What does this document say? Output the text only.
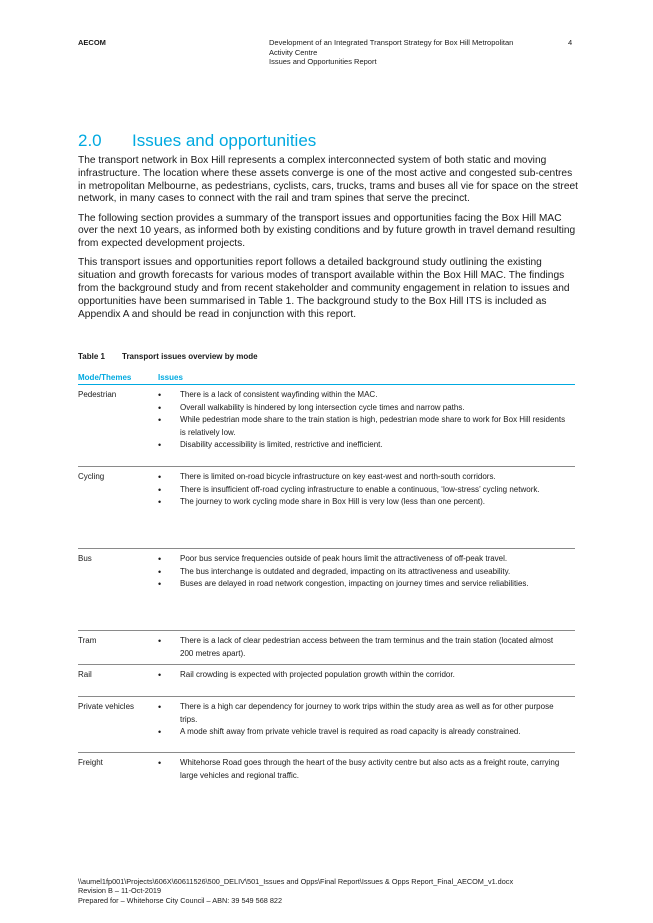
AECOM	Development of an Integrated Transport Strategy for Box Hill Metropolitan
Activity Centre
Issues and Opportunities Report
4
2.0 Issues and opportunities

The transport network in Box Hill represents a complex interconnected system of both static and moving infrastructure. The location where these assets converge is one of the most active and congested sub-centres in metropolitan Melbourne, as pedestrians, cyclists, cars, trucks, trams and buses all vie for space on the street network, in many cases to connect with the rail and tram spines that serve the precinct.

The following section provides a summary of the transport issues and opportunities facing the Box Hill MAC over the next 10 years, as informed both by existing conditions and by future growth in travel demand resulting from expected development projects.

This transport issues and opportunities report follows a detailed background study outlining the existing situation and growth forecasts for various modes of transport available within the Box Hill MAC. The findings from the background study and from recent stakeholder and community engagement in relation to issues and opportunities have been summarised in Table 1. The background study to the Box Hill ITS is included as Appendix A and should be read in conjunction with this report.

Table 1 Transport issues overview by mode
Mode/Themes	Issues
Pedestrian	• There is a lack of consistent wayfinding within the MAC.
• Overall walkability is hindered by long intersection cycle times and narrow paths.
• While pedestrian mode share to the train station is high, pedestrian mode share to work for Box Hill residents is relatively low.
• Disability accessibility is limited, restrictive and inefficient.
Cycling	• There is limited on-road bicycle infrastructure on key east-west and north-south corridors.
• There is insufficient off-road cycling infrastructure to enable a continuous, ‘low-stress’ cycling network.
• The journey to work cycling mode share in Box Hill is very low (less than one percent).
Bus	• Poor bus service frequencies outside of peak hours limit the attractiveness of off-peak travel.
• The bus interchange is outdated and degraded, impacting on its attractiveness and useability.
• Buses are delayed in road network congestion, impacting on journey times and service reliabilities.
Tram	• There is a lack of clear pedestrian access between the tram terminus and the train station (located almost 200 metres apart).
Rail	• Rail crowding is expected with projected population growth within the corridor.
Private vehicles	• There is a high car dependency for journey to work trips within the study area as well as for other purpose trips.
• A mode shift away from private vehicle travel is required as road capacity is already constrained.
Freight	• Whitehorse Road goes through the heart of the busy activity centre but also acts as a freight route, carrying large vehicles and regional traffic.
\\aumel1fp001\Projects\606X\60611526\500_DELIV\501_Issues and Opps\Final Report\Issues & Opps Report_Final_AECOM_v1.docx
Revision B – 11-Oct-2019
Prepared for – Whitehorse City Council – ABN: 39 549 568 822
